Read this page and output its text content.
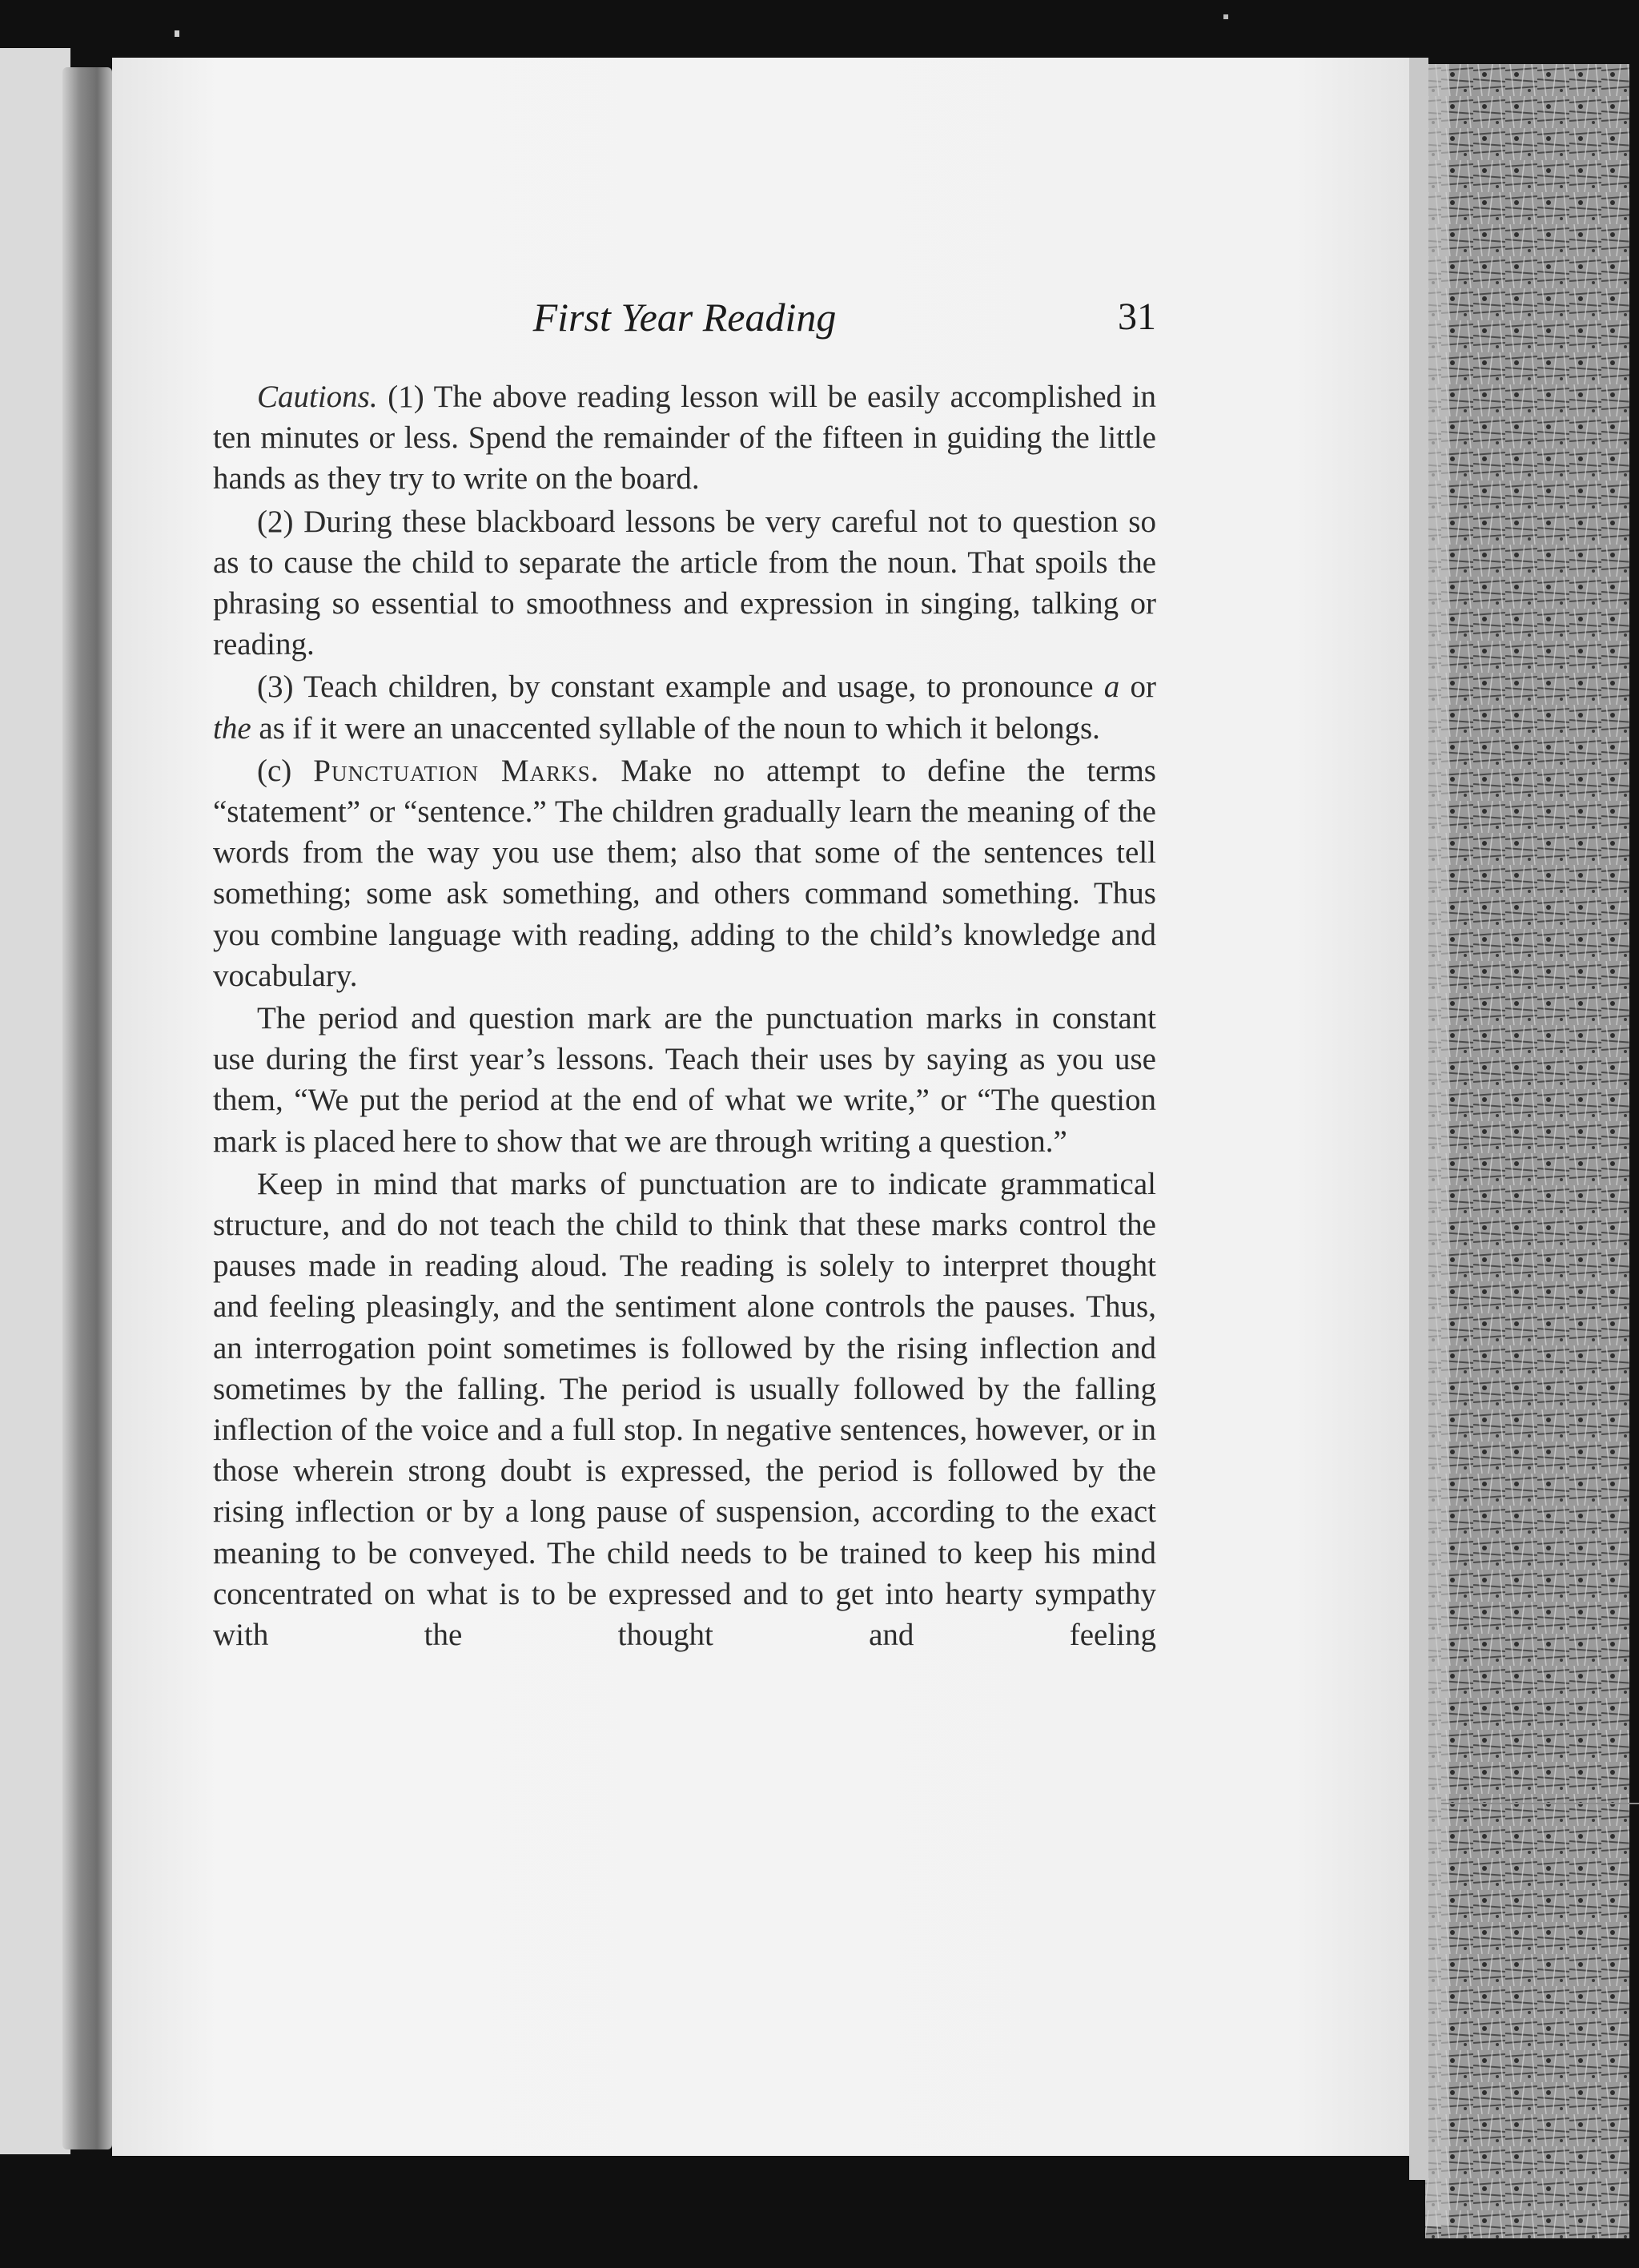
First Year Reading	31

Cautions. (1) The above reading lesson will be easily accomplished in ten minutes or less. Spend the remainder of the fifteen in guiding the little hands as they try to write on the board.

(2) During these blackboard lessons be very careful not to question so as to cause the child to separate the article from the noun. That spoils the phrasing so essential to smoothness and expression in singing, talking or reading.

(3) Teach children, by constant example and usage, to pronounce a or the as if it were an unaccented syllable of the noun to which it belongs.

(c) Punctuation Marks. Make no attempt to define the terms “statement” or “sentence.” The children gradually learn the meaning of the words from the way you use them; also that some of the sentences tell something; some ask something, and others command something. Thus you combine language with reading, adding to the child’s knowledge and vocabulary.

The period and question mark are the punctuation marks in constant use during the first year’s lessons. Teach their uses by saying as you use them, “We put the period at the end of what we write,” or “The question mark is placed here to show that we are through writing a question.”

Keep in mind that marks of punctuation are to indicate grammatical structure, and do not teach the child to think that these marks control the pauses made in reading aloud. The reading is solely to interpret thought and feeling pleasingly, and the sentiment alone controls the pauses. Thus, an interrogation point sometimes is followed by the rising inflection and sometimes by the falling. The period is usually followed by the falling inflection of the voice and a full stop. In negative sentences, however, or in those wherein strong doubt is expressed, the period is followed by the rising inflection or by a long pause of suspension, according to the exact meaning to be conveyed. The child needs to be trained to keep his mind concentrated on what is to be expressed and to get into hearty sympathy with the thought and feeling
